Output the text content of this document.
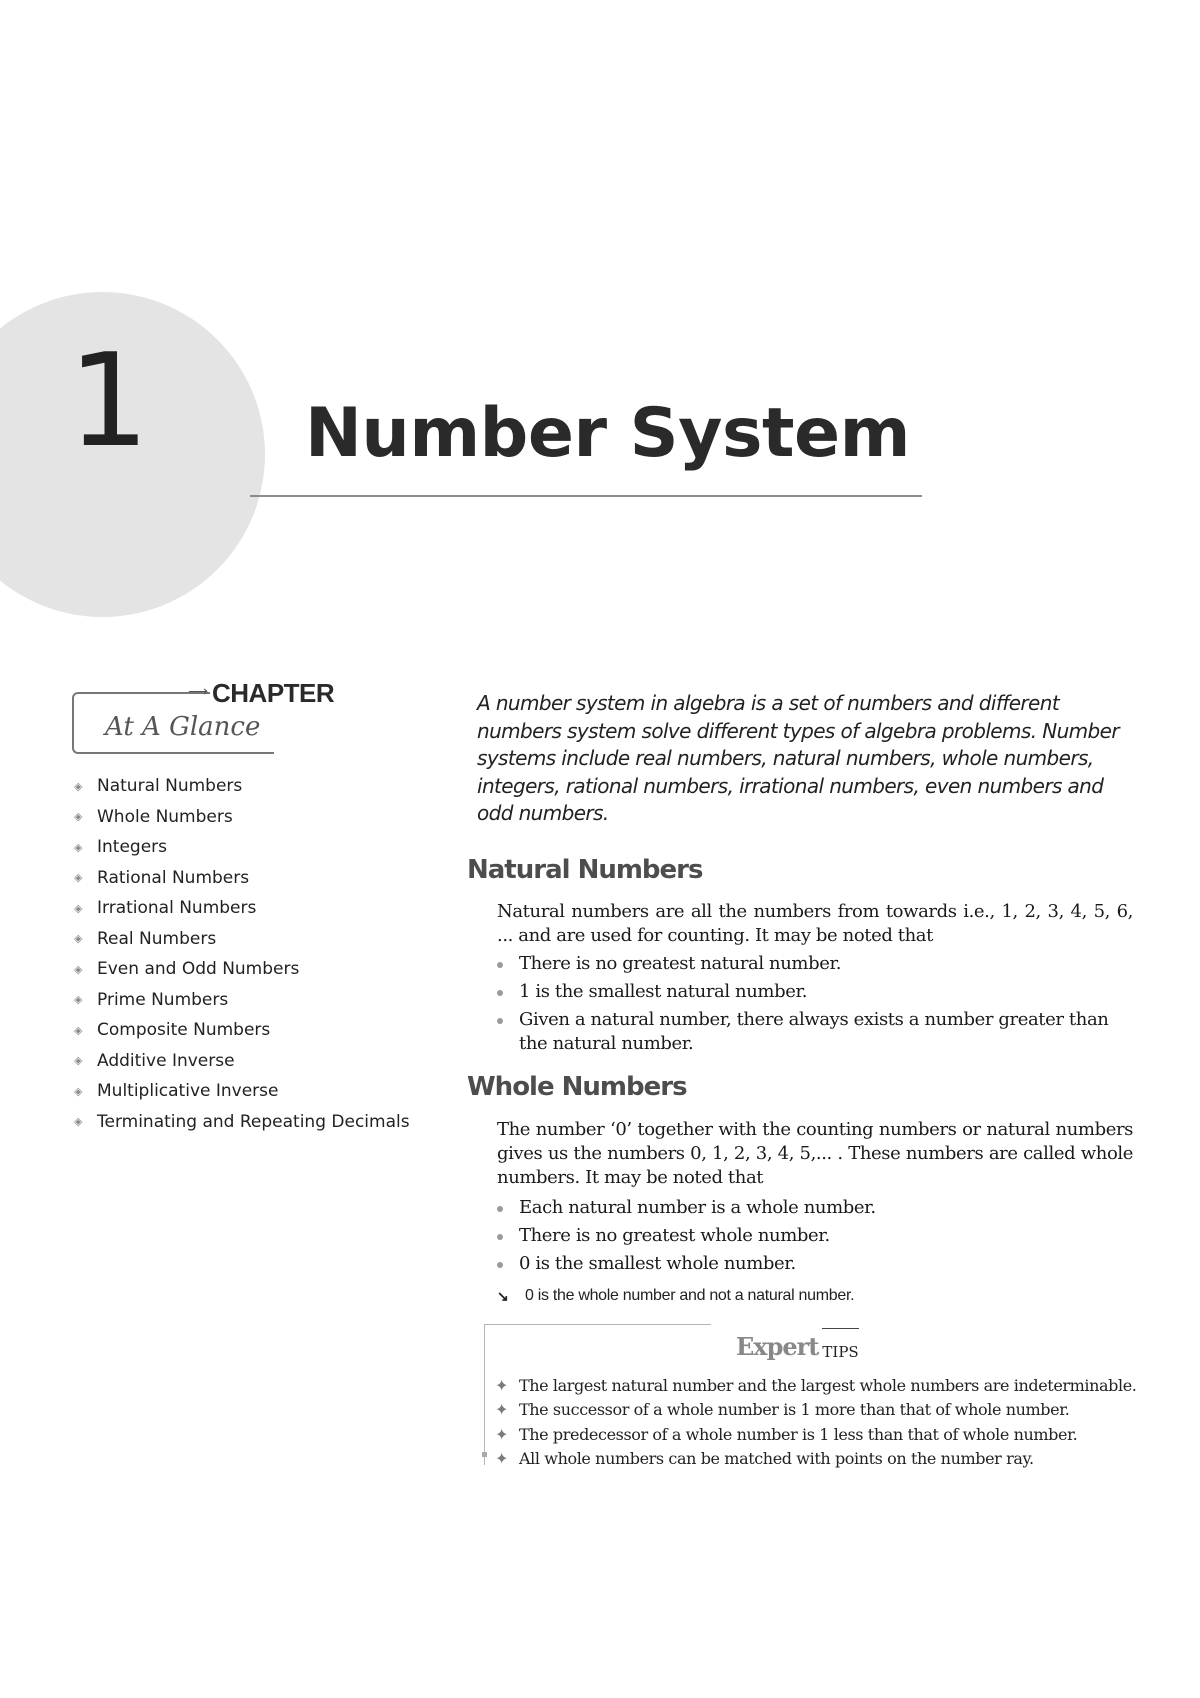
1 Number System
⟶ CHAPTER
At A Glance
◈ Natural Numbers
◈ Whole Numbers
◈ Integers
◈ Rational Numbers
◈ Irrational Numbers
◈ Real Numbers
◈ Even and Odd Numbers
◈ Prime Numbers
◈ Composite Numbers
◈ Additive Inverse
◈ Multiplicative Inverse
◈ Terminating and Repeating Decimals

A number system in algebra is a set of numbers and different numbers system solve different types of algebra problems. Number systems include real numbers, natural numbers, whole numbers, integers, rational numbers, irrational numbers, even numbers and odd numbers.

Natural Numbers

Natural numbers are all the numbers from towards i.e., 1, 2, 3, 4, 5, 6, ... and are used for counting. It may be noted that

There is no greatest natural number.
1 is the smallest natural number.
Given a natural number, there always exists a number greater than the natural number.
Whole Numbers

The number ‘0’ together with the counting numbers or natural numbers gives us the numbers 0, 1, 2, 3, 4, 5,... . These numbers are called whole numbers. It may be noted that

Each natural number is a whole number.
There is no greatest whole number.
0 is the smallest whole number.
↘	0 is the whole number and not a natural number.
Expert TIPS
✦ The largest natural number and the largest whole numbers are indeterminable.
✦ The successor of a whole number is 1 more than that of whole number.
✦ The predecessor of a whole number is 1 less than that of whole number.
✦ All whole numbers can be matched with points on the number ray.
